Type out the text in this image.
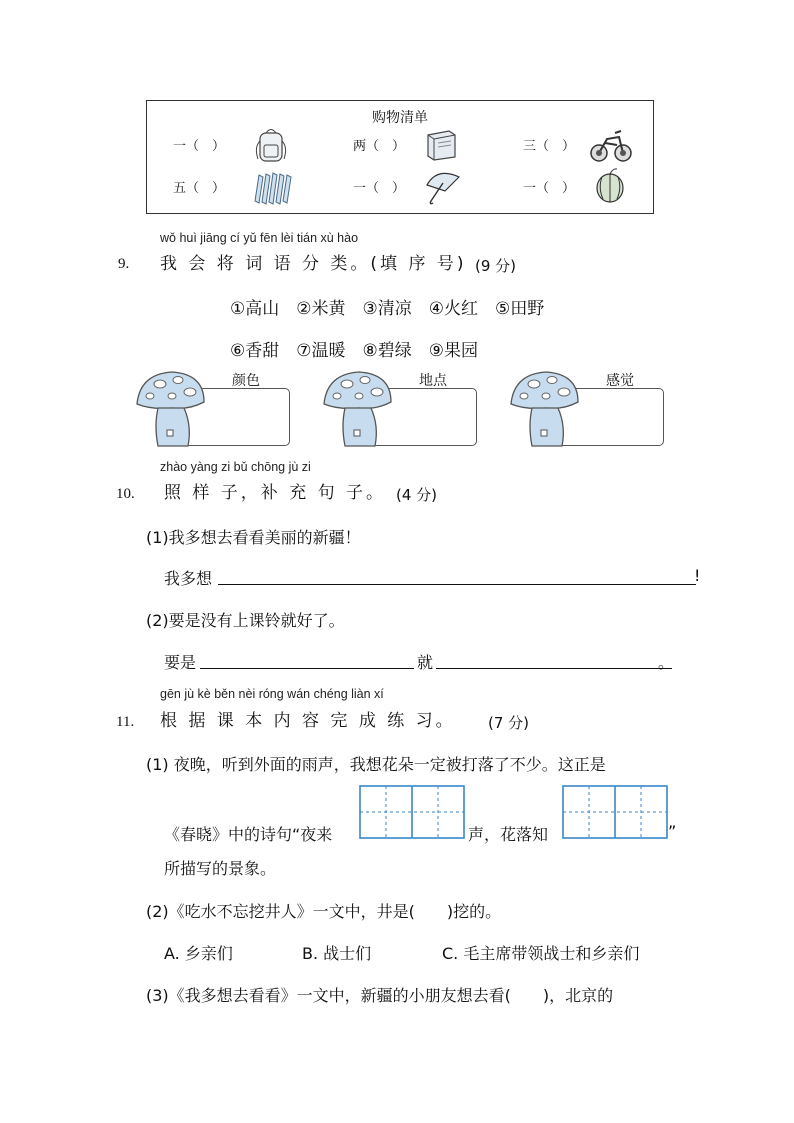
购物清单
一（　）	两（　）	三（　）
五（　）	一（　）	一（　）
wǒ huì jiāng cí yǔ fēn lèi tián xù hào
9. 我 会 将 词 语 分 类。(填 序 号) (9 分)
①高山　②米黄　③清凉　④火红　⑤田野
⑥香甜　⑦温暖　⑧碧绿　⑨果园
颜色	地点	感觉
zhào yàng zi bǔ chōng jù zi
10. 照 样 子，补 充 句 子。 (4 分)
(1)我多想去看看美丽的新疆！
我多想	!
(2)要是没有上课铃就好了。
要是	就	。
gēn jù kè běn nèi róng wán chéng liàn xí
11. 根 据 课 本 内 容 完 成 练 习。 (7 分)
(1) 夜晚，听到外面的雨声，我想花朵一定被打落了不少。这正是
《春晓》中的诗句“夜来	声，花落知	”
所描写的景象。
(2)《吃水不忘挖井人》一文中，井是(　　)挖的。
A. 乡亲们	B. 战士们	C. 毛主席带领战士和乡亲们
(3)《我多想去看看》一文中，新疆的小朋友想去看(　　)，北京的
